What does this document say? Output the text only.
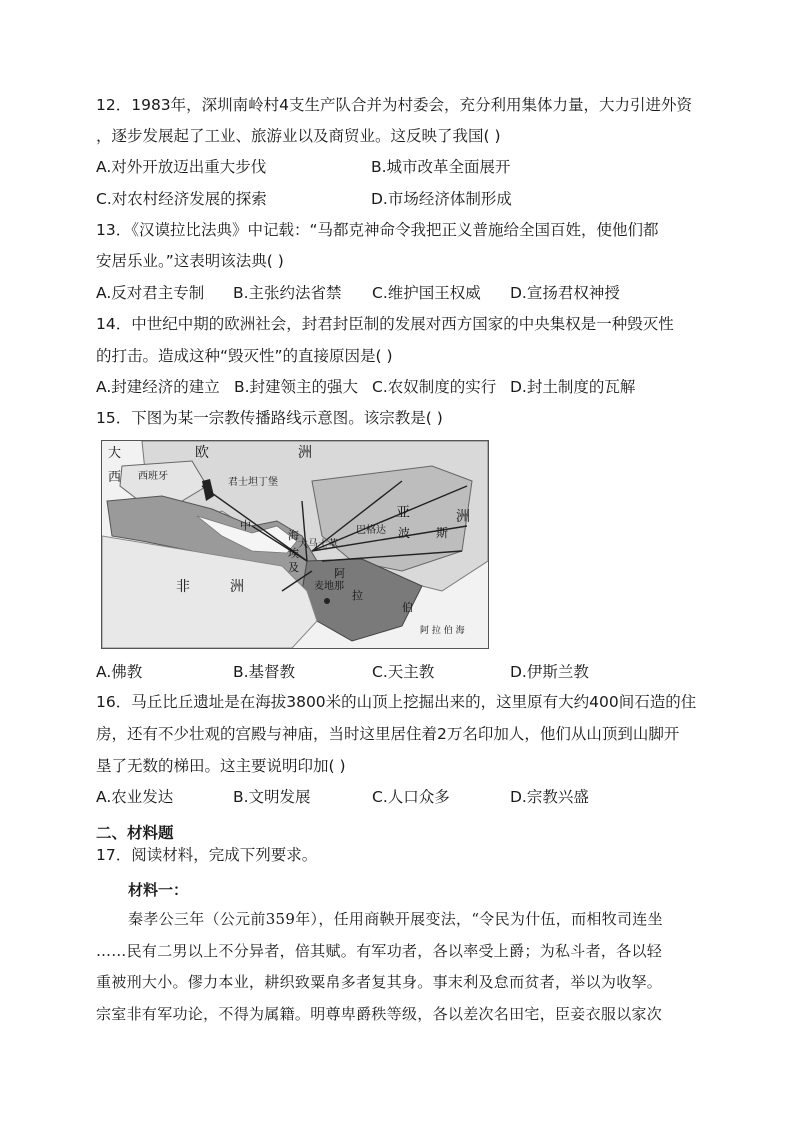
12．1983年，深圳南岭村4支生产队合并为村委会，充分利用集体力量，大力引进外资
，逐步发展起了工业、旅游业以及商贸业。这反映了我国( )
A.对外开放迈出重大步伐	B.城市改革全面展开
C.对农村经济发展的探索	D.市场经济体制形成
13．《汉谟拉比法典》中记载：“马都克神命令我把正义普施给全国百姓，使他们都
安居乐业。”这表明该法典( )
A.反对君主专制 B.主张约法省禁 C.维护国王权威 D.宣扬君权神授
14．中世纪中期的欧洲社会，封君封臣制的发展对西方国家的中央集权是一种毁灭性
的打击。造成这种“毁灭性”的直接原因是( )
A.封建经济的建立 B.封建领主的强大 C.农奴制度的实行 D.封土制度的瓦解
15．下图为某一宗教传播路线示意图。该宗教是( )
大
西 西班牙
欧	洲
君士坦丁堡
中
海
亚	洲
波 斯
大马士革
巴格达
非	洲
埃
及	阿
麦地那
拉
伯
阿 拉 伯 海
A.佛教	B.基督教	C.天主教	D.伊斯兰教
16．马丘比丘遗址是在海拔3800米的山顶上挖掘出来的，这里原有大约400间石造的住
房，还有不少壮观的宫殿与神庙，当时这里居住着2万名印加人，他们从山顶到山脚开
垦了无数的梯田。这主要说明印加( )
A.农业发达	B.文明发展	C.人口众多	D.宗教兴盛
二、材料题
17．阅读材料，完成下列要求。
材料一：
秦孝公三年（公元前359年），任用商鞅开展变法，“令民为什伍，而相牧司连坐
……民有二男以上不分异者，倍其赋。有军功者，各以率受上爵；为私斗者，各以轻
重被刑大小。僇力本业，耕织致粟帛多者复其身。事末利及怠而贫者，举以为收孥。
宗室非有军功论，不得为属籍。明尊卑爵秩等级，各以差次名田宅，臣妾衣服以家次
